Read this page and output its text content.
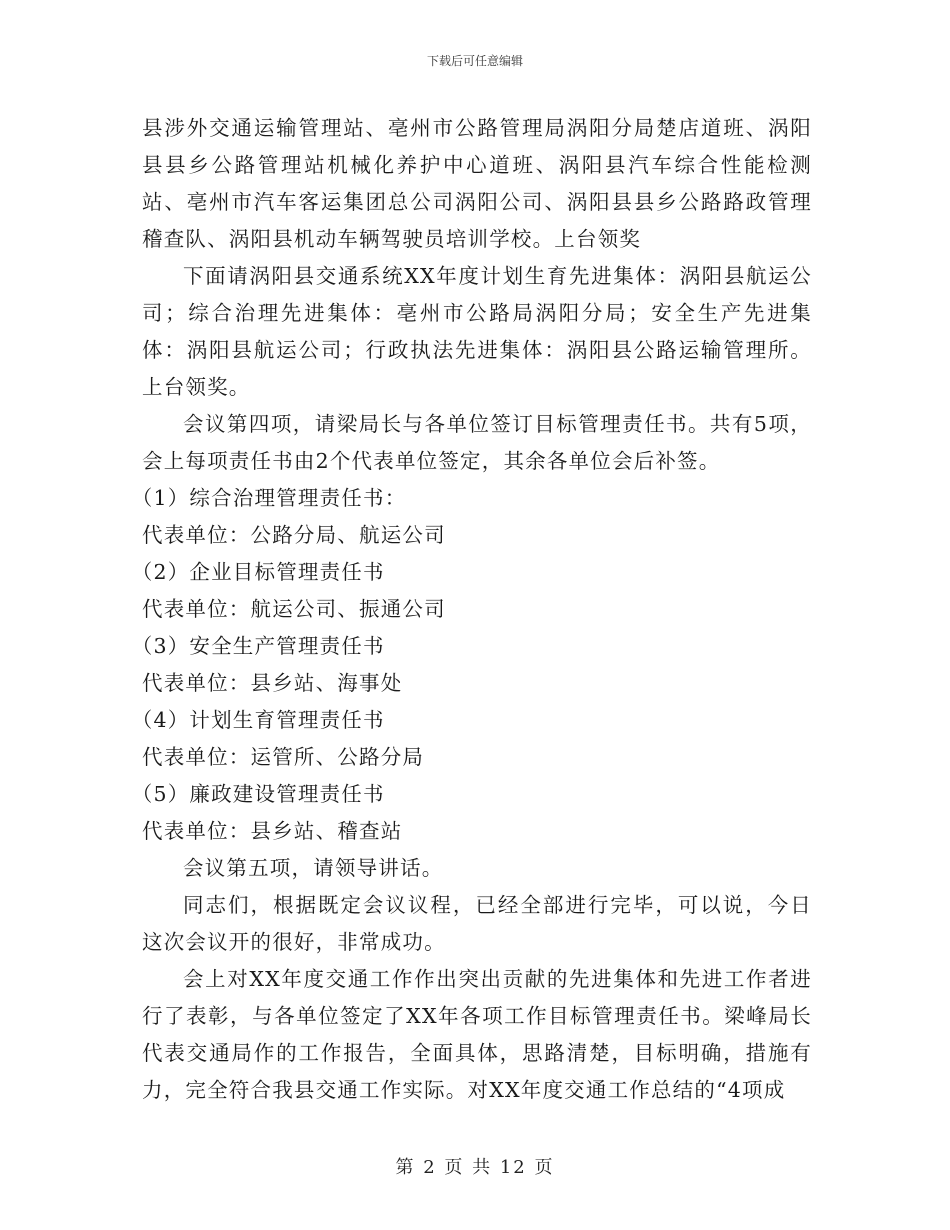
下载后可任意编辑

县涉外交通运输管理站、亳州市公路管理局涡阳分局楚店道班、涡阳县县乡公路管理站机械化养护中心道班、涡阳县汽车综合性能检测站、亳州市汽车客运集团总公司涡阳公司、涡阳县县乡公路路政管理稽查队、涡阳县机动车辆驾驶员培训学校。上台领奖

下面请涡阳县交通系统XX年度计划生育先进集体：涡阳县航运公司；综合治理先进集体：亳州市公路局涡阳分局；安全生产先进集体：涡阳县航运公司；行政执法先进集体：涡阳县公路运输管理所。上台领奖。

会议第四项，请梁局长与各单位签订目标管理责任书。共有5项，会上每项责任书由2个代表单位签定，其余各单位会后补签。

（1）综合治理管理责任书：

代表单位：公路分局、航运公司

（2）企业目标管理责任书

代表单位：航运公司、振通公司

（3）安全生产管理责任书

代表单位：县乡站、海事处

（4）计划生育管理责任书

代表单位：运管所、公路分局

（5）廉政建设管理责任书

代表单位：县乡站、稽查站

会议第五项，请领导讲话。

同志们，根据既定会议议程，已经全部进行完毕，可以说，今日这次会议开的很好，非常成功。

会上对XX年度交通工作作出突出贡献的先进集体和先进工作者进行了表彰，与各单位签定了XX年各项工作目标管理责任书。梁峰局长代表交通局作的工作报告，全面具体，思路清楚，目标明确，措施有力，完全符合我县交通工作实际。对XX年度交通工作总结的“4项成

第 2 页 共 12 页
